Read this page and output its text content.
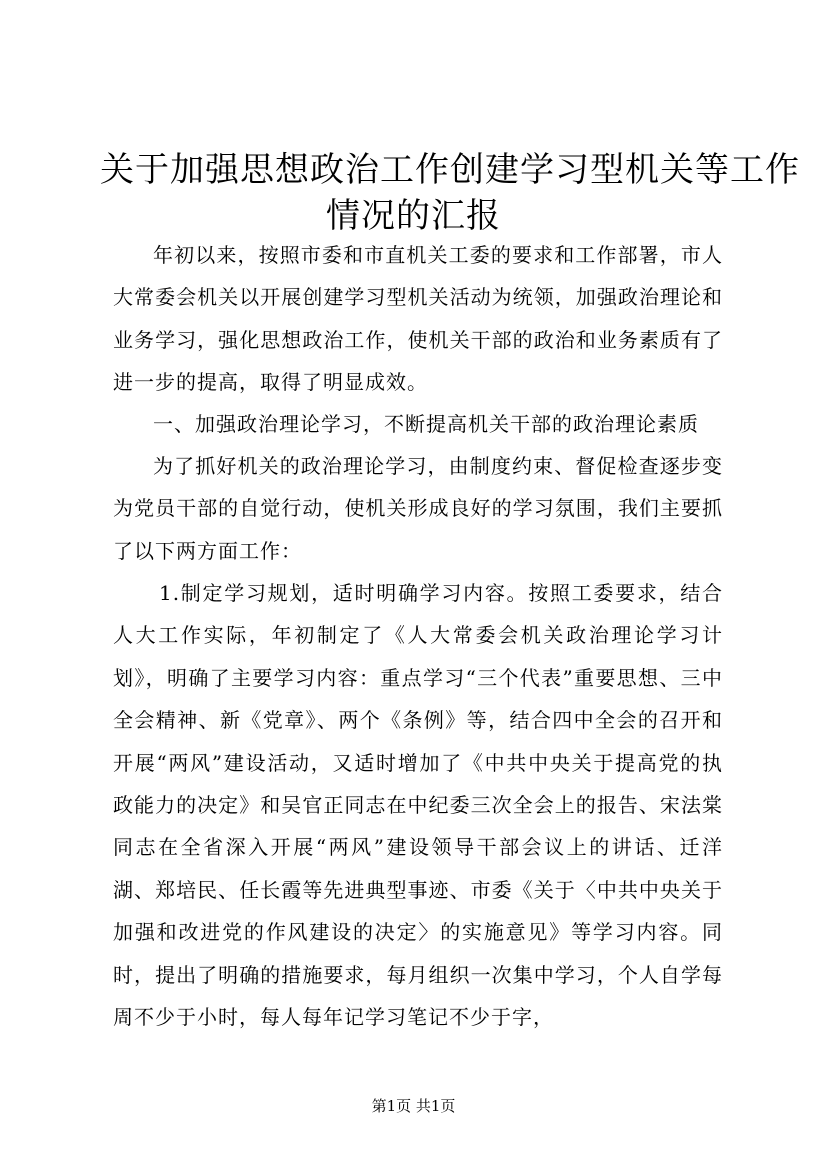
关于加强思想政治工作创建学习型机关等工作
情况的汇报
年初以来，按照市委和市直机关工委的要求和工作部署，市人大常委会机关以开展创建学习型机关活动为统领，加强政治理论和业务学习，强化思想政治工作，使机关干部的政治和业务素质有了进一步的提高，取得了明显成效。
一、加强政治理论学习，不断提高机关干部的政治理论素质
为了抓好机关的政治理论学习，由制度约束、督促检查逐步变为党员干部的自觉行动，使机关形成良好的学习氛围，我们主要抓了以下两方面工作：
1.制定学习规划，适时明确学习内容。按照工委要求，结合人大工作实际，年初制定了《人大常委会机关政治理论学习计划》，明确了主要学习内容：重点学习“三个代表”重要思想、三中全会精神、新《党章》、两个《条例》等，结合四中全会的召开和开展“两风”建设活动，又适时增加了《中共中央关于提高党的执政能力的决定》和吴官正同志在中纪委三次全会上的报告、宋法棠同志在全省深入开展“两风”建设领导干部会议上的讲话、迁洋湖、郑培民、任长霞等先进典型事迹、市委《关于〈中共中央关于加强和改进党的作风建设的决定〉的实施意见》等学习内容。同时，提出了明确的措施要求，每月组织一次集中学习，个人自学每周不少于小时，每人每年记学习笔记不少于字，
第1页 共1页
